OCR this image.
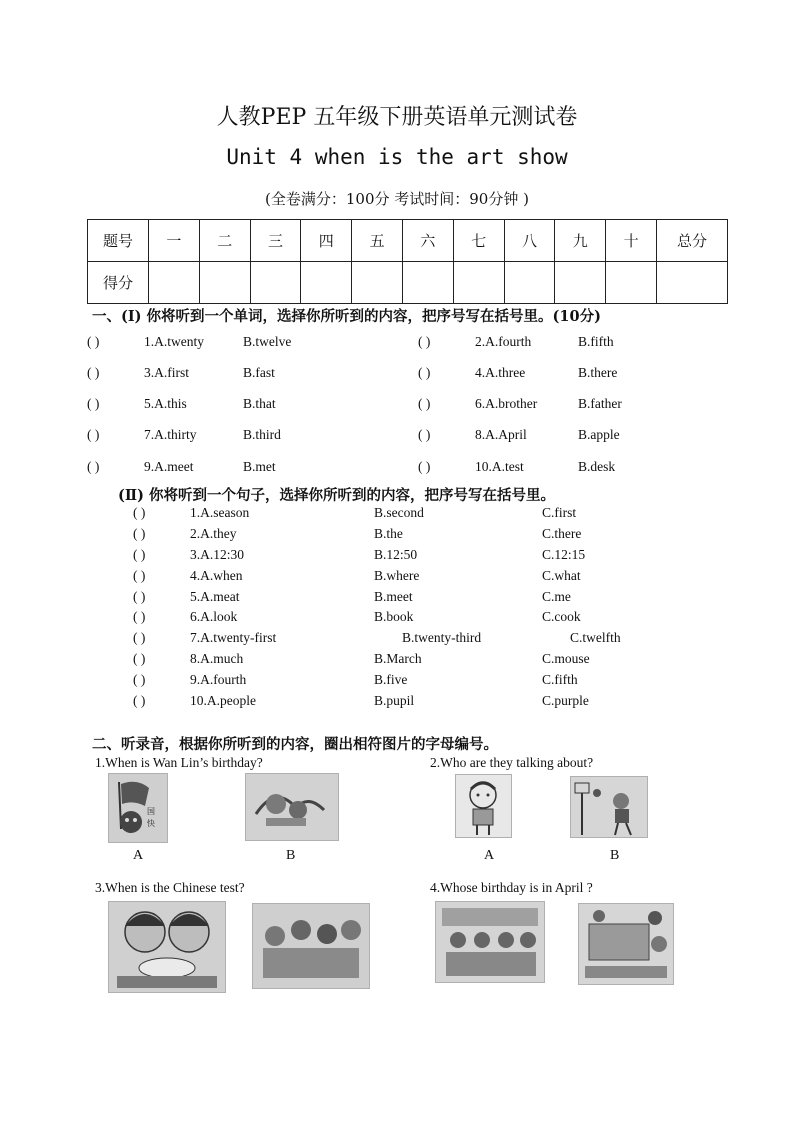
人教PEP 五年级下册英语单元测试卷
Unit 4 when is the art show
(全卷满分：100分 考试时间：90分钟 )
题号	一	二	三	四	五	六	七	八	九	十	总分
得分											
一、(Ⅰ) 你将听到一个单词，选择你所听到的内容，把序号写在括号里。(10分)
( )	1.A.twenty	B.twelve	( )	2.A.fourth	B.fifth
( )	3.A.first	B.fast	( )	4.A.three	B.there
( )	5.A.this	B.that	( )	6.A.brother	B.father
( )	7.A.thirty	B.third	( )	8.A.April	B.apple
( )	9.A.meet	B.met	( )	10.A.test	B.desk
(Ⅱ) 你将听到一个句子，选择你所听到的内容，把序号写在括号里。
( )	1.A.season	B.second	C.first
( )	2.A.they	B.the	C.there
( )	3.A.12:30	B.12:50	C.12:15
( )	4.A.when	B.where	C.what
( )	5.A.meat	B.meet	C.me
( )	6.A.look	B.book	C.cook
( )	7.A.twenty-first	B.twenty-third	C.twelfth
( )	8.A.much	B.March	C.mouse
( )	9.A.fourth	B.five	C.fifth
( )	10.A.people	B.pupil	C.purple
二、听录音，根据你所听到的内容，圈出相符图片的字母编号。
1.When is Wan Lin’s birthday?	2.Who are they talking about?
国
快
A	B	A	B
3.When is the Chinese test?	4.Whose birthday is in April ?
